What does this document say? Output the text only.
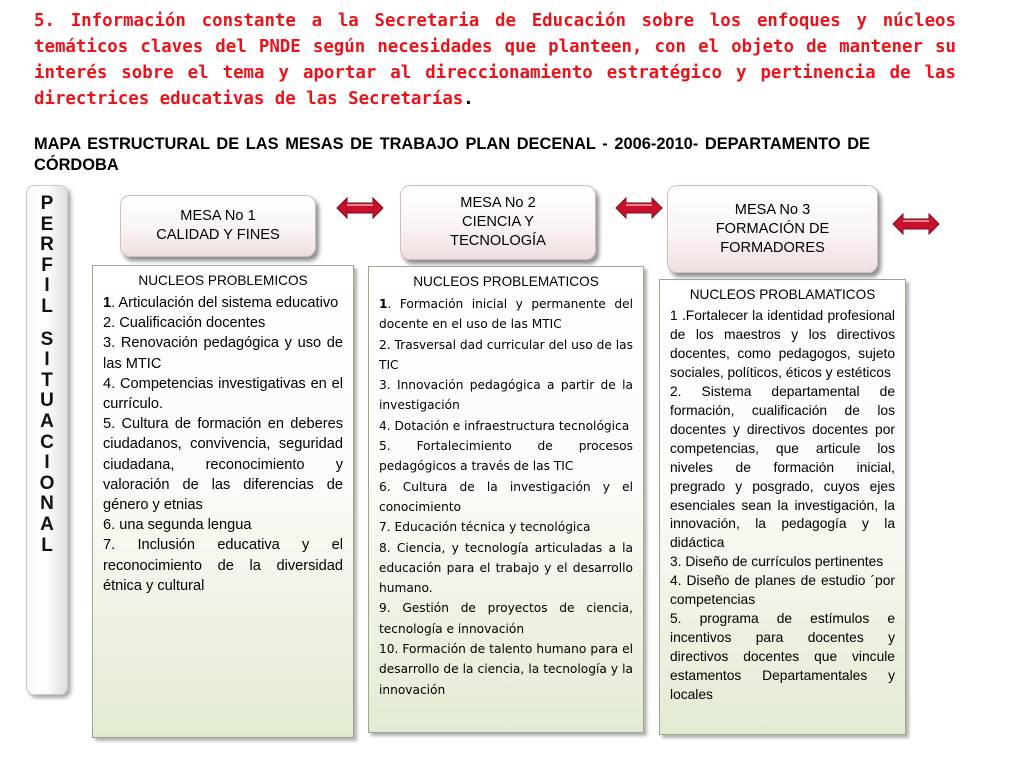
5. Información constante a la Secretaria de Educación sobre los enfoques y núcleos temáticos claves del PNDE según necesidades que planteen, con el objeto de mantener su interés sobre el tema y aportar al direccionamiento estratégico y pertinencia de las directrices educativas de las Secretarías.

MAPA ESTRUCTURAL DE LAS MESAS DE TRABAJO PLAN DECENAL - 2006-2010- DEPARTAMENTO DE CÓRDOBA

P
E
R
F
I
L
S
I
T
U
A
C
I
O
N
A
L
MESA No 1
CALIDAD Y FINES
MESA No 2
CIENCIA Y
TECNOLOGÍA
MESA No 3
FORMACIÓN DE
FORMADORES
NUCLEOS PROBLEMICOS

1. Articulación del sistema educativo

2. Cualificación docentes

3. Renovación pedagógica y uso de las MTIC

4. Competencias investigativas en el currículo.

5. Cultura de formación en deberes ciudadanos, convivencia, seguridad ciudadana, reconocimiento y valoración de las diferencias de género y etnias

6. una segunda lengua

7. Inclusión educativa y el reconocimiento de la diversidad étnica y cultural

NUCLEOS PROBLEMATICOS

1. Formación inicial y permanente del docente en el uso de las MTIC

2. Trasversal dad curricular del uso de las TIC

3. Innovación pedagógica a partir de la investigación

4. Dotación e infraestructura tecnológica

5. Fortalecimiento de procesos pedagógicos a través de las TIC

6. Cultura de la investigación y el conocimiento

7. Educación técnica y tecnológica

8. Ciencia, y tecnología articuladas a la educación para el trabajo y el desarrollo humano.

9. Gestión de proyectos de ciencia, tecnología e innovación

10. Formación de talento humano para el desarrollo de la ciencia, la tecnología y la innovación

NUCLEOS PROBLAMATICOS

1 .Fortalecer la identidad profesional de los maestros y los directivos docentes, como pedagogos, sujeto sociales, políticos, éticos y estéticos

2. Sistema departamental de formación, cualificación de los docentes y directivos docentes por competencias, que articule los niveles de formación inicial, pregrado y posgrado, cuyos ejes esenciales sean la investigación, la innovación, la pedagogía y la didáctica

3. Diseño de currículos pertinentes

4. Diseño de planes de estudio ´por competencias

5. programa de estímulos e incentivos para docentes y directivos docentes que vincule estamentos Departamentales y locales
